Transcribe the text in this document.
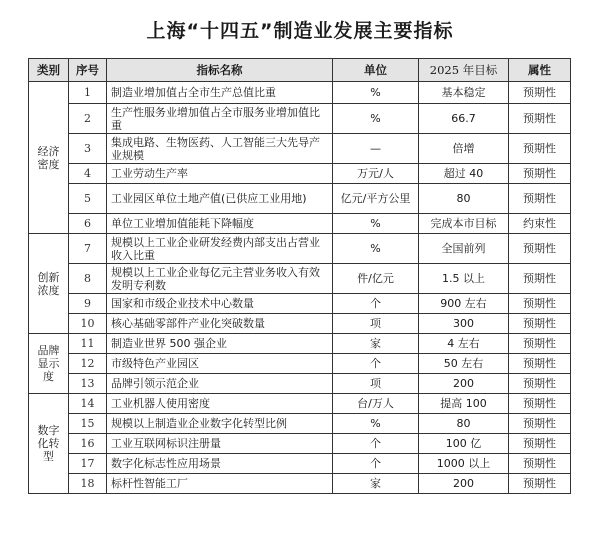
上海“十四五”制造业发展主要指标
类别	序号	指标名称	单位	2025 年目标	属性
经济密度	1	制造业增加值占全市生产总值比重	%	基本稳定	预期性
	2	生产性服务业增加值占全市服务业增加值比重	%	66.7	预期性
	3	集成电路、生物医药、人工智能三大先导产业规模	—	倍增	预期性
	4	工业劳动生产率	万元/人	超过 40	预期性
	5	工业园区单位土地产值(已供应工业用地)	亿元/平方公里	80	预期性
	6	单位工业增加值能耗下降幅度	%	完成本市目标	约束性
创新浓度	7	规模以上工业企业研发经费内部支出占营业收入比重	%	全国前列	预期性
	8	规模以上工业企业每亿元主营业务收入有效发明专利数	件/亿元	1.5 以上	预期性
	9	国家和市级企业技术中心数量	个	900 左右	预期性
	10	核心基础零部件产业化突破数量	项	300	预期性
品牌显示度	11	制造业世界 500 强企业	家	4 左右	预期性
	12	市级特色产业园区	个	50 左右	预期性
	13	品牌引领示范企业	项	200	预期性
数字化转型	14	工业机器人使用密度	台/万人	提高 100	预期性
	15	规模以上制造业企业数字化转型比例	%	80	预期性
	16	工业互联网标识注册量	个	100 亿	预期性
	17	数字化标志性应用场景	个	1000 以上	预期性
	18	标杆性智能工厂	家	200	预期性
